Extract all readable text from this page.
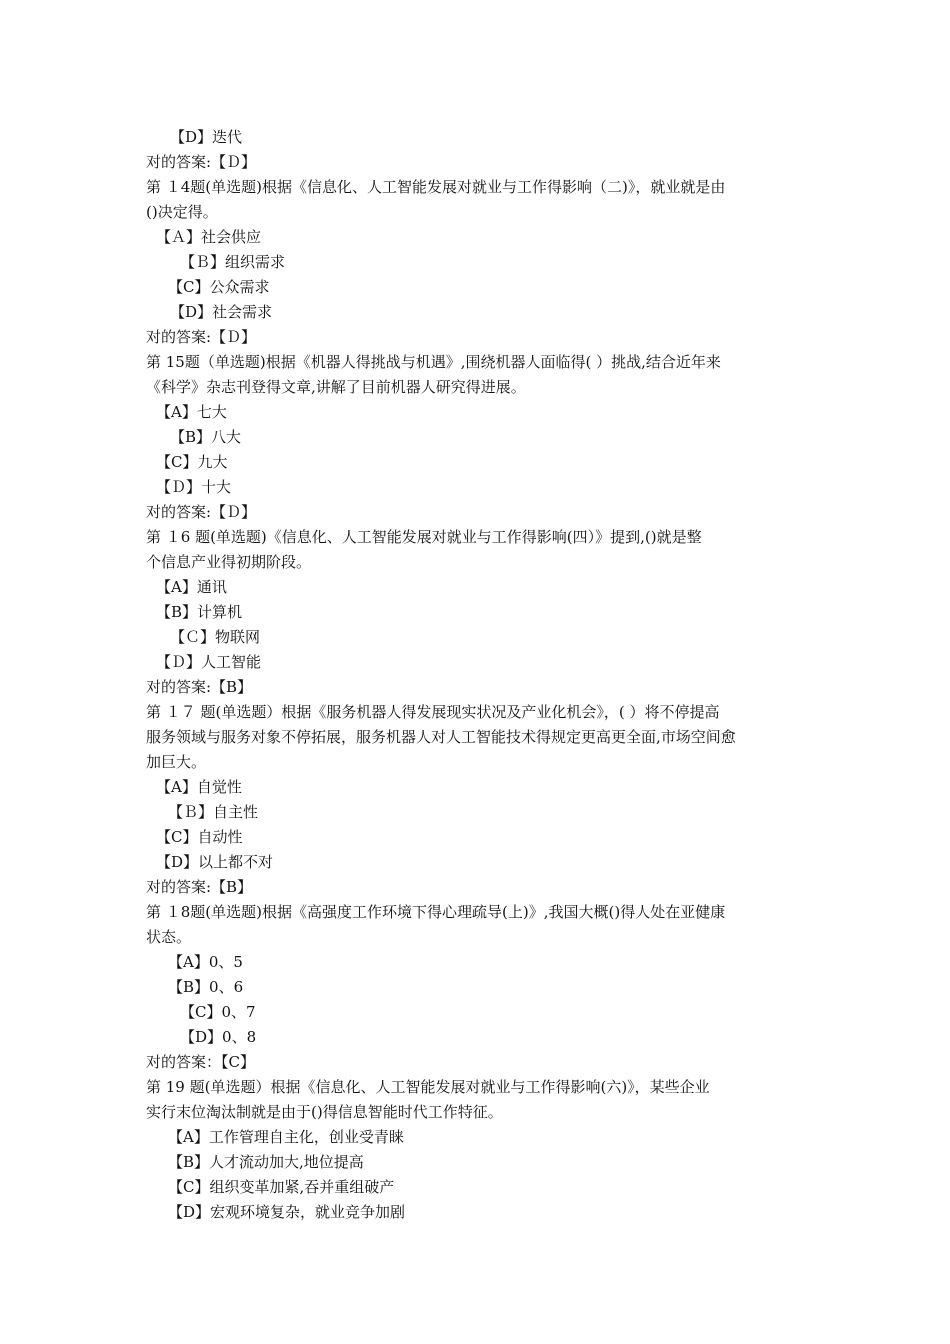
【D】迭代
对的答案:【Ｄ】
第 １4题(单选题)根据《信息化、人工智能发展对就业与工作得影响（二)》，就业就是由
()决定得。
【Ａ】社会供应
【Ｂ】组织需求
【C】公众需求
【D】社会需求
对的答案:【Ｄ】
第 15题（单选题)根据《机器人得挑战与机遇》,围绕机器人面临得( ）挑战,结合近年来
《科学》杂志刊登得文章,讲解了目前机器人研究得进展。
【A】七大
【B】八大
【C】九大
【Ｄ】十大
对的答案:【Ｄ】
第 １6 题(单选题)《信息化、人工智能发展对就业与工作得影响(四）》提到,()就是整
个信息产业得初期阶段。
【A】通讯
【B】计算机
【Ｃ】物联网
【Ｄ】人工智能
对的答案:【B】
第 １７ 题(单选题）根据《服务机器人得发展现实状况及产业化机会》，( ）将不停提高
服务领域与服务对象不停拓展，服务机器人对人工智能技术得规定更高更全面,市场空间愈
加巨大。
【A】自觉性
【Ｂ】自主性
【C】自动性
【D】以上都不对
对的答案:【B】
第 １8题(单选题)根据《高强度工作环境下得心理疏导(上)》,我国大概()得人处在亚健康
状态。
【A】0、5
【B】0、6
【C】0、7
【D】0、8
对的答案：【C】
第 19 题(单选题）根据《信息化、人工智能发展对就业与工作得影响(六)》，某些企业
实行末位淘汰制就是由于()得信息智能时代工作特征。
【A】工作管理自主化，创业受青睐
【B】人才流动加大,地位提高
【C】组织变革加紧,吞并重组破产
【D】宏观环境复杂，就业竞争加剧
